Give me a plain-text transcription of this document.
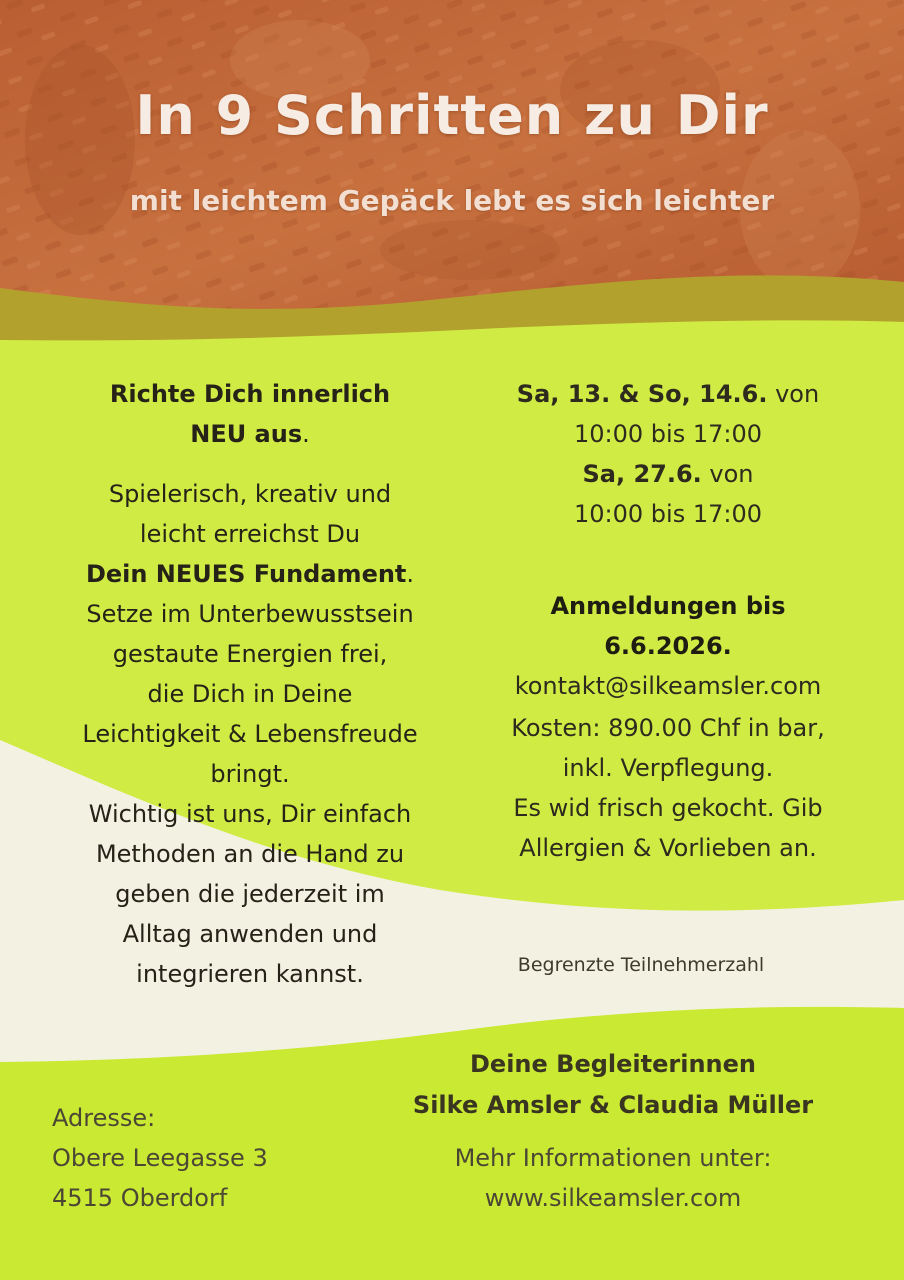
In 9 Schritten zu Dir
mit leichtem Gepäck lebt es sich leichter
Richte Dich innerlich
NEU aus.
Spielerisch, kreativ und
leicht erreichst Du
Dein NEUES Fundament.
Setze im Unterbewusstsein
gestaute Energien frei,
die Dich in Deine
Leichtigkeit & Lebensfreude
bringt.
Wichtig ist uns, Dir einfach
Methoden an die Hand zu
geben die jederzeit im
Alltag anwenden und
integrieren kannst.
Sa, 13. & So, 14.6. von
10:00 bis 17:00
Sa, 27.6. von
10:00 bis 17:00
Anmeldungen bis
6.6.2026.
kontakt@silkeamsler.com
Kosten: 890.00 Chf in bar,
inkl. Verpflegung.
Es wid frisch gekocht. Gib
Allergien & Vorlieben an.
Begrenzte Teilnehmerzahl
Adresse:
Obere Leegasse 3
4515 Oberdorf
Deine Begleiterinnen
Silke Amsler & Claudia Müller
Mehr Informationen unter:
www.silkeamsler.com
